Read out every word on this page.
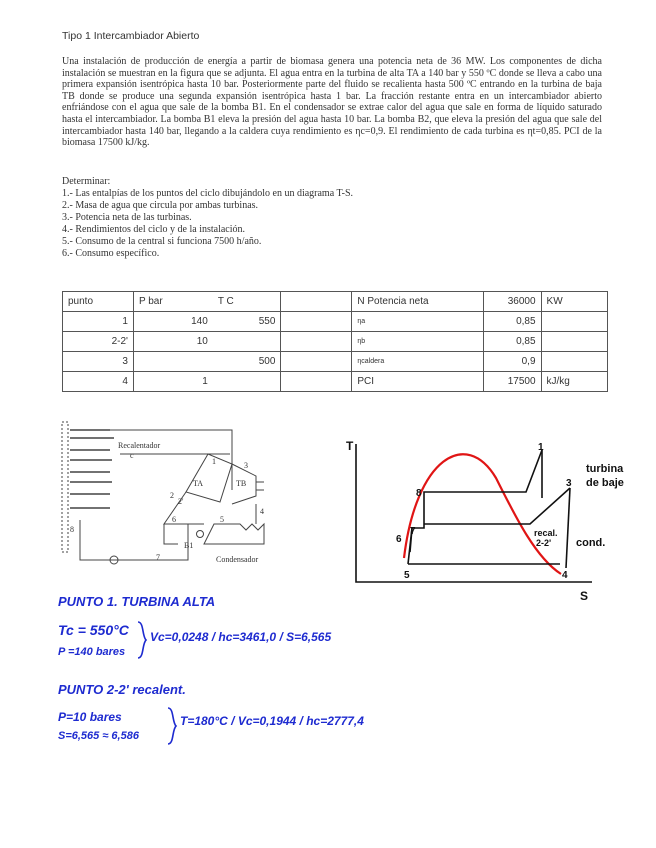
Tipo 1 Intercambiador Abierto

Una instalación de producción de energía a partir de biomasa genera una potencia neta de 36 MW. Los componentes de dicha instalación se muestran en la figura que se adjunta. El agua entra en la turbina de alta TA a 140 bar y 550 ºC donde se lleva a cabo una primera expansión isentrópica hasta 10 bar. Posteriormente parte del fluido se recalienta hasta 500 ºC entrando en la turbina de baja TB donde se produce una segunda expansión isentrópica hasta 1 bar. La fracción restante entra en un intercambiador abierto enfriándose con el agua que sale de la bomba B1. En el condensador se extrae calor del agua que sale en forma de líquido saturado hasta el intercambiador. La bomba B1 eleva la presión del agua hasta 10 bar. La bomba B2, que eleva la presión del agua que sale del intercambiador hasta 140 bar, llegando a la caldera cuya rendimiento es ηc=0,9. El rendimiento de cada turbina es ηt=0,85. PCI de la biomasa 17500 kJ/kg.

Determinar:
1.- Las entalpías de los puntos del ciclo dibujándolo en un diagrama T-S.
2.- Masa de agua que circula por ambas turbinas.
3.- Potencia neta de las turbinas.
4.- Rendimientos del ciclo y de la instalación.
5.- Consumo de la central si funciona 7500 h/año.
6.- Consumo específico.
punto	P bar	T C		N Potencia neta	36000	KW
1	140	550		ηa	0,85	
2-2'	10			ηb	0,85	
3		500		ηcaldera	0,9	
4	1			PCI	17500	kJ/kg
Recalentador
c
TA	TB
B1
Condensador
1
2
3
4
5
6
7
8
2'
T
S
1
3
4
5
6
7
8
turbina
de baje
recal.
2-2' cond.
PUNTO 1. TURBINA ALTA
Tc = 550°C
P =140 bares
Vc=0,0248 / hc=3461,0 / S=6,565
PUNTO 2-2' recalent.
P=10 bares
S=6,565 ≈ 6,586
T=180°C / Vc=0,1944 / hc=2777,4
